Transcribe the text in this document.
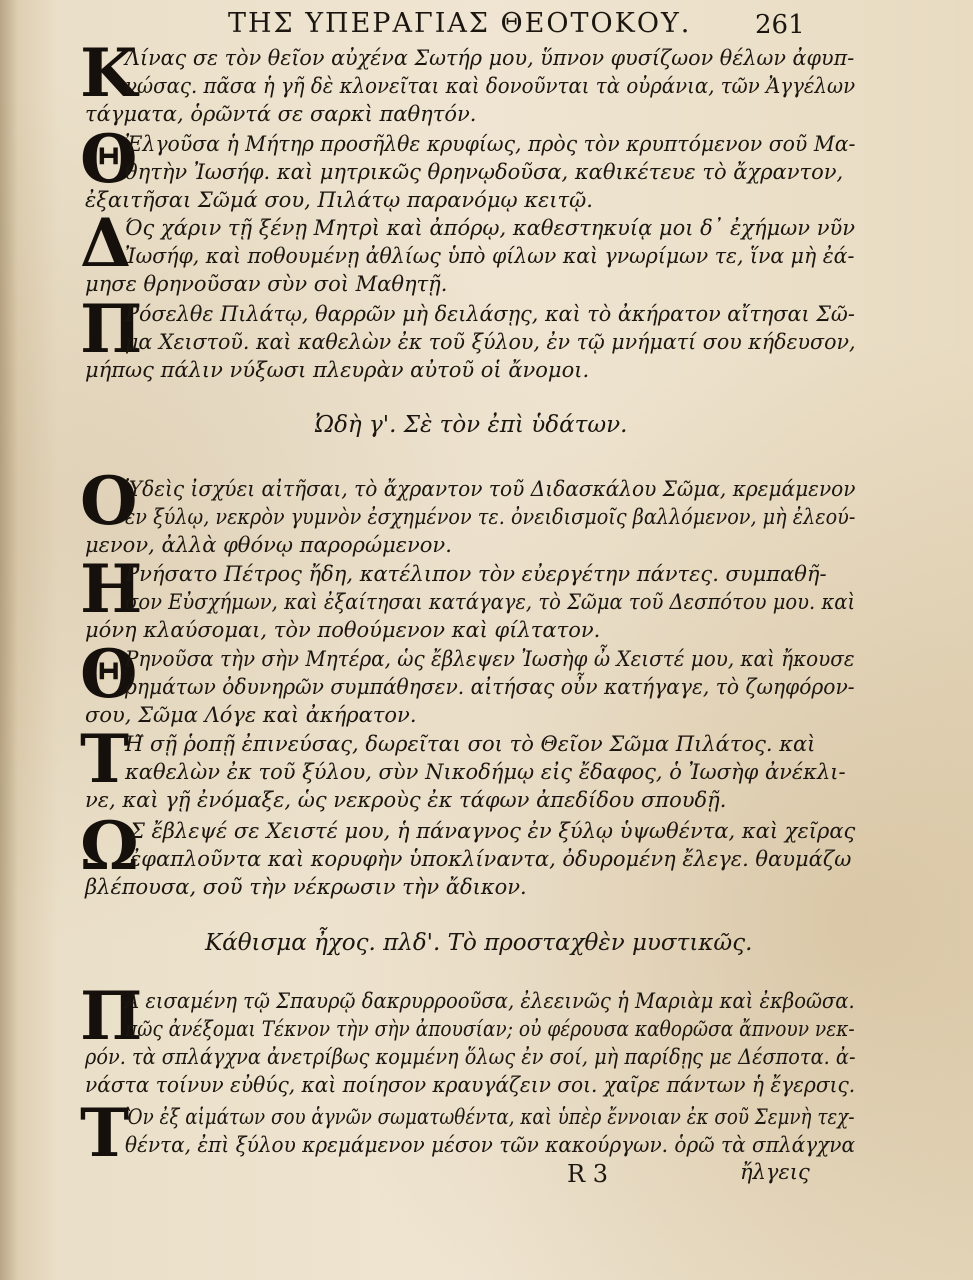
ΤΗΣ ΥΠΕΡΑΓΙΑΣ ΘΕΟΤΟΚΟΥ. 261
Κ
Λίνας σε τὸν θεῖον αὐχένα Σωτήρ μου, ὕπνον φυσίζωον θέλων ἀφυπ-
νώσας. πᾶσα ἡ γῆ δὲ κλονεῖται καὶ δονοῦνται τὰ οὐράνια, τῶν Ἀγγέλων
τάγματα, ὁρῶντά σε σαρκὶ παθητόν.
Θ
Ἐλγοῦσα ἡ Μήτηρ προσῆλθε κρυφίως, πρὸς τὸν κρυπτόμενον σοῦ Μα-
θητὴν Ἰωσήφ. καὶ μητρικῶς θρηνῳδοῦσα, καθικέτευε τὸ ἄχραντον,
ἐξαιτῆσαι Σῶμά σου, Πιλάτῳ παρανόμῳ κειτῷ.
Δ
Ός χάριν τῇ ξένῃ Μητρὶ καὶ ἀπόρῳ, καθεστηκυίᾳ μοι δ᾽ ἐχήμων νῦν
Ἰωσήφ, καὶ ποθουμένῃ ἀθλίως ὑπὸ φίλων καὶ γνωρίμων τε, ἵνα μὴ ἐά-
μησε θρηνοῦσαν σὺν σοὶ Μαθητῇ.
Π
Ρόσελθε Πιλάτῳ, θαρρῶν μὴ δειλάσῃς, καὶ τὸ ἀκήρατον αἴτησαι Σῶ-
μα Χειστοῦ. καὶ καθελὼν ἐκ τοῦ ξύλου, ἐν τῷ μνήματί σου κήδευσον,
μήπως πάλιν νύξωσι πλευρὰν αὐτοῦ οἱ ἄνομοι.
Ὠδὴ γ'. Σὲ τὸν ἐπὶ ὑδάτων.
Ο
Ὑδεὶς ἰσχύει αἰτῆσαι, τὸ ἄχραντον τοῦ Διδασκάλου Σῶμα, κρεμάμενον
ἐν ξύλῳ, νεκρὸν γυμνὸν ἐσχημένον τε. ὀνειδισμοῖς βαλλόμενον, μὴ ἐλεού-
μενον, ἀλλὰ φθόνῳ παρορώμενον.
Η
Ρνήσατο Πέτρος ἤδη, κατέλιπον τὸν εὐεργέτην πάντες. συμπαθῆ-
σον Εὐσχήμων, καὶ ἐξαίτησαι κατάγαγε, τὸ Σῶμα τοῦ Δεσπότου μου. καὶ
μόνη κλαύσομαι, τὸν ποθούμενον καὶ φίλτατον.
Θ
Ρηνοῦσα τὴν σὴν Μητέρα, ὡς ἔβλεψεν Ἰωσὴφ ὦ Χειστέ μου, καὶ ἤκουσε
ῥημάτων ὀδυνηρῶν συμπάθησεν. αἰτήσας οὖν κατήγαγε, τὸ ζωηφόρον-
σου, Σῶμα Λόγε καὶ ἀκήρατον.
Τ
Η̃ σῇ ῥοπῇ ἐπινεύσας, δωρεῖται σοι τὸ Θεῖον Σῶμα Πιλάτος. καὶ
καθελὼν ἐκ τοῦ ξύλου, σὺν Νικοδήμῳ εἰς ἔδαφος, ὁ Ἰωσὴφ ἀνέκλι-
νε, καὶ γῇ ἐνόμαξε, ὡς νεκροὺς ἐκ τάφων ἀπεδίδου σπουδῇ.
Ω
Σ ἔβλεψέ σε Χειστέ μου, ἡ πάναγνος ἐν ξύλῳ ὑψωθέντα, καὶ χεῖρας
ἐφαπλοῦντα καὶ κορυφὴν ὑποκλίναντα, ὀδυρομένη ἔλεγε. θαυμάζω
βλέπουσα, σοῦ τὴν νέκρωσιν τὴν ἄδικον.
Κάθισμα ἦχος. πλδ'. Τὸ προσταχθὲν μυστικῶς.
Π
Α εισαμένη τῷ Σπαυρῷ δακρυρροοῦσα, ἐλεεινῶς ἡ Μαριὰμ καὶ ἐκβοῶσα.
πῶς ἀνέξομαι Τέκνον τὴν σὴν ἀπουσίαν; οὐ φέρουσα καθορῶσα ἄπνουν νεκ-
ρόν. τὰ σπλάγχνα ἀνετρίβως κομμένη ὅλως ἐν σοί, μὴ παρίδῃς με Δέσποτα. ἀ-
νάστα τοίνυν εὐθύς, καὶ ποίησον κραυγάζειν σοι. χαῖρε πάντων ἡ ἔγερσις.
Τ
Ὸν ἐξ αἱμάτων σου ἁγνῶν σωματωθέντα, καὶ ὑπὲρ ἔννοιαν ἐκ σοῦ Σεμνὴ τεχ-
θέντα, ἐπὶ ξύλου κρεμάμενον μέσον τῶν κακούργων. ὁρῶ τὰ σπλάγχνα
R 3	ἤλγεις
